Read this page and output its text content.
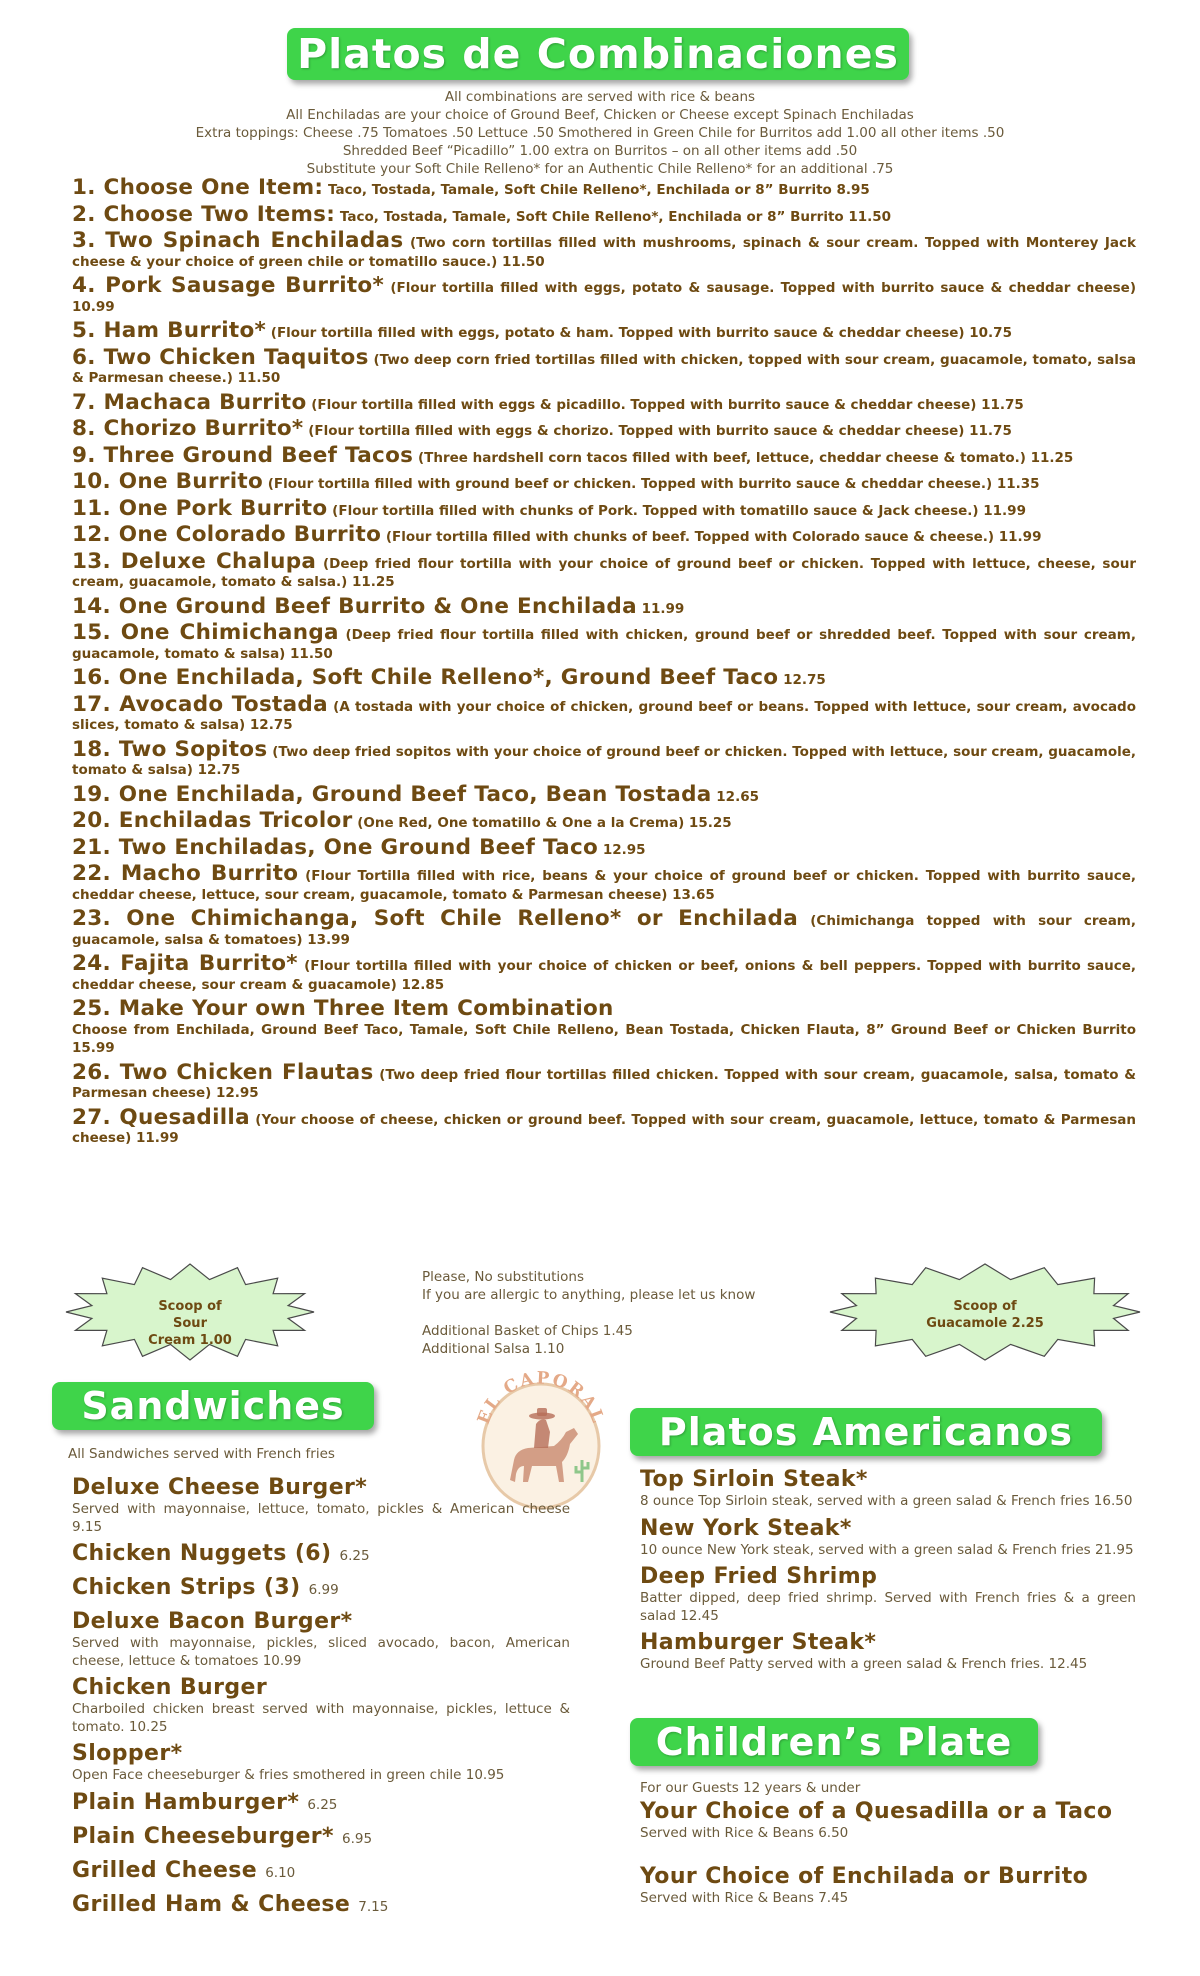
Platos de Combinaciones
All combinations are served with rice & beans
All Enchiladas are your choice of Ground Beef, Chicken or Cheese except Spinach Enchiladas
Extra toppings: Cheese .75 Tomatoes .50 Lettuce .50 Smothered in Green Chile for Burritos add 1.00 all other items .50
Shredded Beef “Picadillo” 1.00 extra on Burritos – on all other items add .50
Substitute your Soft Chile Relleno* for an Authentic Chile Relleno* for an additional .75
1. Choose One Item: Taco, Tostada, Tamale, Soft Chile Relleno*, Enchilada or 8” Burrito 8.95
2. Choose Two Items: Taco, Tostada, Tamale, Soft Chile Relleno*, Enchilada or 8” Burrito 11.50
3. Two Spinach Enchiladas (Two corn tortillas filled with mushrooms, spinach & sour cream. Topped with Monterey Jack cheese & your choice of green chile or tomatillo sauce.) 11.50
4. Pork Sausage Burrito* (Flour tortilla filled with eggs, potato & sausage. Topped with burrito sauce & cheddar cheese) 10.99
5. Ham Burrito* (Flour tortilla filled with eggs, potato & ham. Topped with burrito sauce & cheddar cheese) 10.75
6. Two Chicken Taquitos (Two deep corn fried tortillas filled with chicken, topped with sour cream, guacamole, tomato, salsa & Parmesan cheese.) 11.50
7. Machaca Burrito (Flour tortilla filled with eggs & picadillo. Topped with burrito sauce & cheddar cheese) 11.75
8. Chorizo Burrito* (Flour tortilla filled with eggs & chorizo. Topped with burrito sauce & cheddar cheese) 11.75
9. Three Ground Beef Tacos (Three hardshell corn tacos filled with beef, lettuce, cheddar cheese & tomato.) 11.25
10. One Burrito (Flour tortilla filled with ground beef or chicken. Topped with burrito sauce & cheddar cheese.) 11.35
11. One Pork Burrito (Flour tortilla filled with chunks of Pork. Topped with tomatillo sauce & Jack cheese.) 11.99
12. One Colorado Burrito (Flour tortilla filled with chunks of beef. Topped with Colorado sauce & cheese.) 11.99
13. Deluxe Chalupa (Deep fried flour tortilla with your choice of ground beef or chicken. Topped with lettuce, cheese, sour cream, guacamole, tomato & salsa.) 11.25
14. One Ground Beef Burrito & One Enchilada 11.99
15. One Chimichanga (Deep fried flour tortilla filled with chicken, ground beef or shredded beef. Topped with sour cream, guacamole, tomato & salsa) 11.50
16. One Enchilada, Soft Chile Relleno*, Ground Beef Taco 12.75
17. Avocado Tostada (A tostada with your choice of chicken, ground beef or beans. Topped with lettuce, sour cream, avocado slices, tomato & salsa) 12.75
18. Two Sopitos (Two deep fried sopitos with your choice of ground beef or chicken. Topped with lettuce, sour cream, guacamole, tomato & salsa) 12.75
19. One Enchilada, Ground Beef Taco, Bean Tostada 12.65
20. Enchiladas Tricolor (One Red, One tomatillo & One a la Crema) 15.25
21. Two Enchiladas, One Ground Beef Taco 12.95
22. Macho Burrito (Flour Tortilla filled with rice, beans & your choice of ground beef or chicken. Topped with burrito sauce, cheddar cheese, lettuce, sour cream, guacamole, tomato & Parmesan cheese) 13.65
23. One Chimichanga, Soft Chile Relleno* or Enchilada (Chimichanga topped with sour cream, guacamole, salsa & tomatoes) 13.99
24. Fajita Burrito* (Flour tortilla filled with your choice of chicken or beef, onions & bell peppers. Topped with burrito sauce, cheddar cheese, sour cream & guacamole) 12.85
25. Make Your own Three Item Combination
Choose from Enchilada, Ground Beef Taco, Tamale, Soft Chile Relleno, Bean Tostada, Chicken Flauta, 8” Ground Beef or Chicken Burrito 15.99
26. Two Chicken Flautas (Two deep fried flour tortillas filled chicken. Topped with sour cream, guacamole, salsa, tomato & Parmesan cheese) 12.95
27. Quesadilla (Your choose of cheese, chicken or ground beef. Topped with sour cream, guacamole, lettuce, tomato & Parmesan cheese) 11.99
Scoop of Sour
Cream 1.00
Please, No substitutions
If you are allergic to anything, please let us know
Additional Basket of Chips 1.45
Additional Salsa 1.10
Scoop of
Guacamole 2.25
EL CAPORAL
Sandwiches
All Sandwiches served with French fries
Deluxe Cheese Burger*
Served with mayonnaise, lettuce, tomato, pickles & American cheese 9.15
Chicken Nuggets (6) 6.25
Chicken Strips (3) 6.99
Deluxe Bacon Burger*
Served with mayonnaise, pickles, sliced avocado, bacon, American cheese, lettuce & tomatoes 10.99
Chicken Burger
Charboiled chicken breast served with mayonnaise, pickles, lettuce & tomato. 10.25
Slopper*
Open Face cheeseburger & fries smothered in green chile 10.95
Plain Hamburger* 6.25
Plain Cheeseburger* 6.95
Grilled Cheese 6.10
Grilled Ham & Cheese 7.15
Platos Americanos
Top Sirloin Steak*
8 ounce Top Sirloin steak, served with a green salad & French fries 16.50
New York Steak*
10 ounce New York steak, served with a green salad & French fries 21.95
Deep Fried Shrimp
Batter dipped, deep fried shrimp. Served with French fries & a green salad 12.45
Hamburger Steak*
Ground Beef Patty served with a green salad & French fries. 12.45
Children’s Plate
For our Guests 12 years & under
Your Choice of a Quesadilla or a Taco
Served with Rice & Beans 6.50
Your Choice of Enchilada or Burrito
Served with Rice & Beans 7.45
